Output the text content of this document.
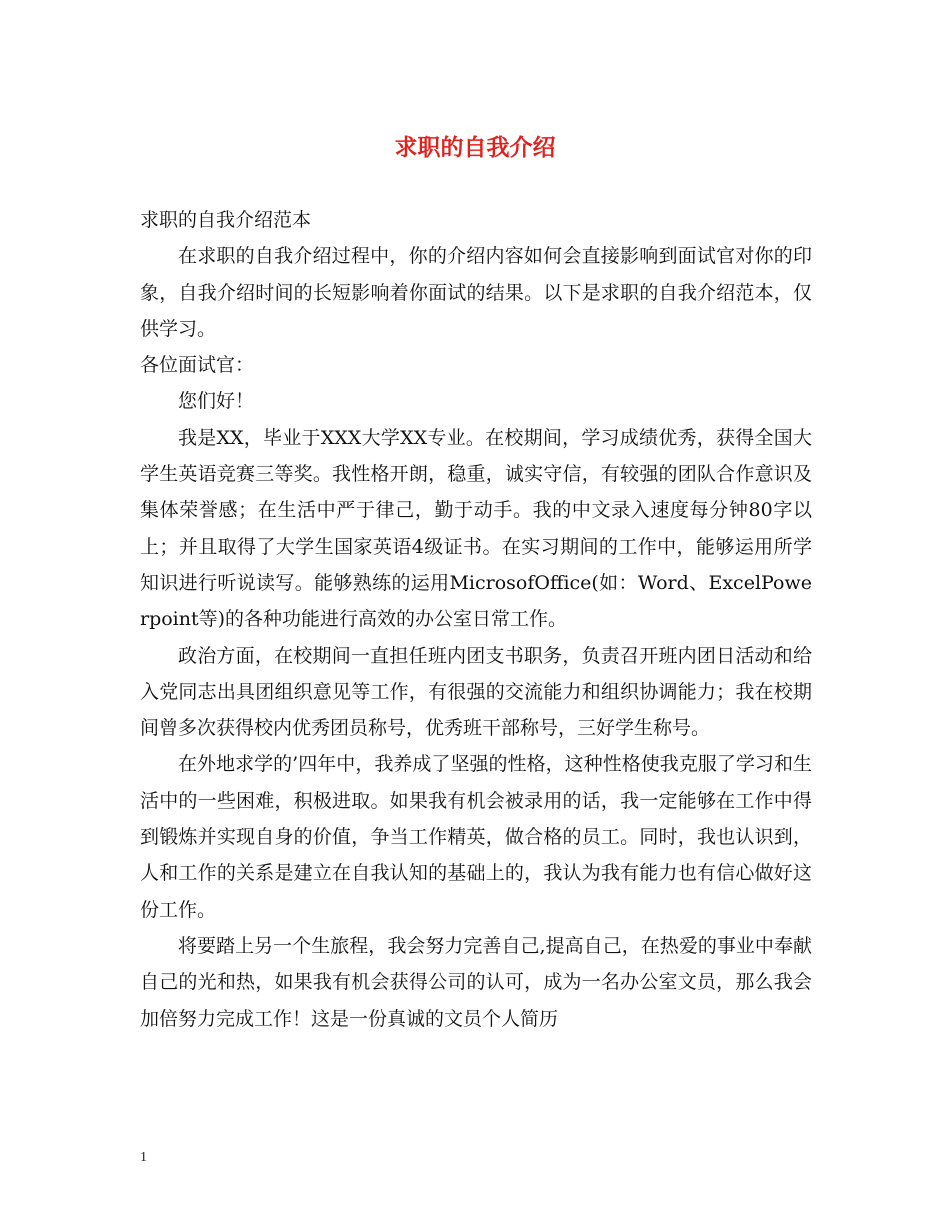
求职的自我介绍

求职的自我介绍范本

在求职的自我介绍过程中，你的介绍内容如何会直接影响到面试官对你的印象，自我介绍时间的长短影响着你面试的结果。以下是求职的自我介绍范本，仅供学习。

各位面试官：

您们好！

我是XX，毕业于XXX大学XX专业。在校期间，学习成绩优秀，获得全国大学生英语竞赛三等奖。我性格开朗，稳重，诚实守信，有较强的团队合作意识及集体荣誉感；在生活中严于律己，勤于动手。我的中文录入速度每分钟80字以上；并且取得了大学生国家英语4级证书。在实习期间的工作中，能够运用所学知识进行听说读写。能够熟练的运用MicrosofOffice(如：Word、ExcelPowerpoint等)的各种功能进行高效的办公室日常工作。

政治方面，在校期间一直担任班内团支书职务，负责召开班内团日活动和给入党同志出具团组织意见等工作，有很强的交流能力和组织协调能力；我在校期间曾多次获得校内优秀团员称号，优秀班干部称号，三好学生称号。

在外地求学的’四年中，我养成了坚强的性格，这种性格使我克服了学习和生活中的一些困难，积极进取。如果我有机会被录用的话，我一定能够在工作中得到锻炼并实现自身的价值，争当工作精英，做合格的员工。同时，我也认识到，人和工作的关系是建立在自我认知的基础上的，我认为我有能力也有信心做好这份工作。

将要踏上另一个生旅程，我会努力完善自己,提高自己，在热爱的事业中奉献自己的光和热，如果我有机会获得公司的认可，成为一名办公室文员，那么我会加倍努力完成工作！这是一份真诚的文员个人简历

1
